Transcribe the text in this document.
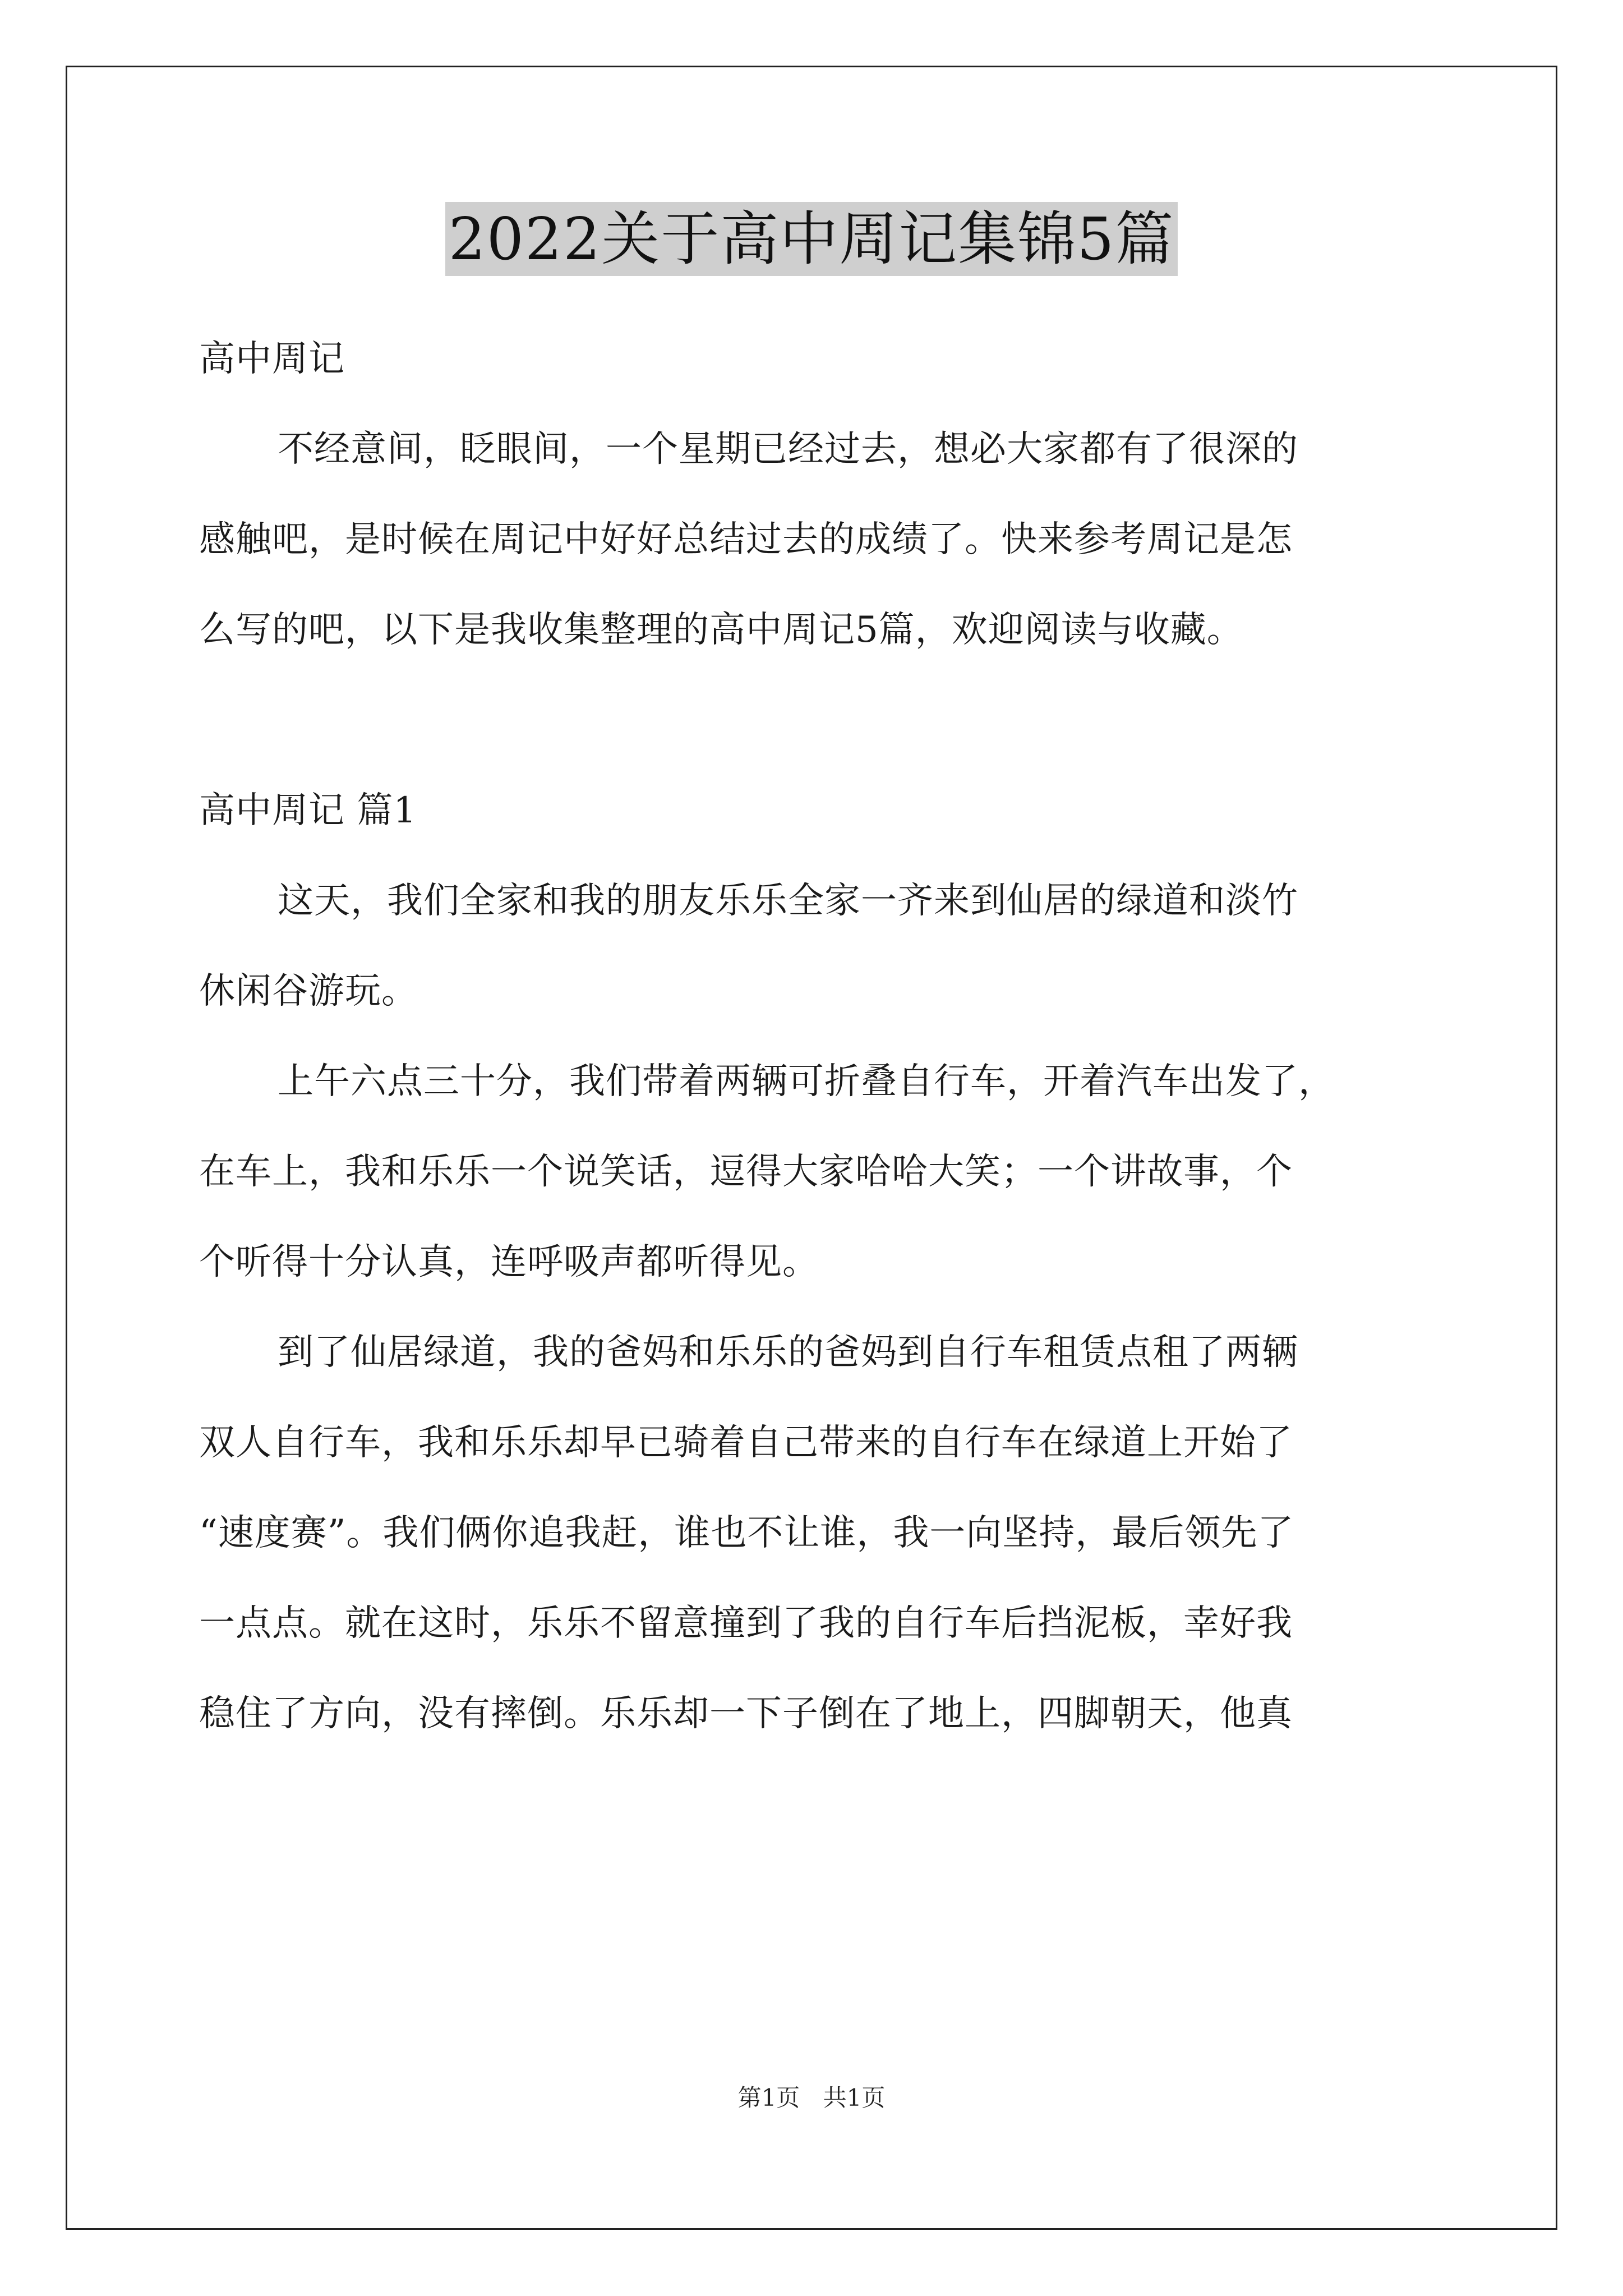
2022关于高中周记集锦5篇
高中周记
不经意间，眨眼间，一个星期已经过去，想必大家都有了很深的
感触吧，是时候在周记中好好总结过去的成绩了。快来参考周记是怎
么写的吧，以下是我收集整理的高中周记5篇，欢迎阅读与收藏。
高中周记 篇1
这天，我们全家和我的朋友乐乐全家一齐来到仙居的绿道和淡竹
休闲谷游玩。
上午六点三十分，我们带着两辆可折叠自行车，开着汽车出发了，
在车上，我和乐乐一个说笑话，逗得大家哈哈大笑；一个讲故事，个
个听得十分认真，连呼吸声都听得见。
到了仙居绿道，我的爸妈和乐乐的爸妈到自行车租赁点租了两辆
双人自行车，我和乐乐却早已骑着自己带来的自行车在绿道上开始了
“速度赛”。我们俩你追我赶，谁也不让谁，我一向坚持，最后领先了
一点点。就在这时，乐乐不留意撞到了我的自行车后挡泥板，幸好我
稳住了方向，没有摔倒。乐乐却一下子倒在了地上，四脚朝天，他真
第1页 共1页
